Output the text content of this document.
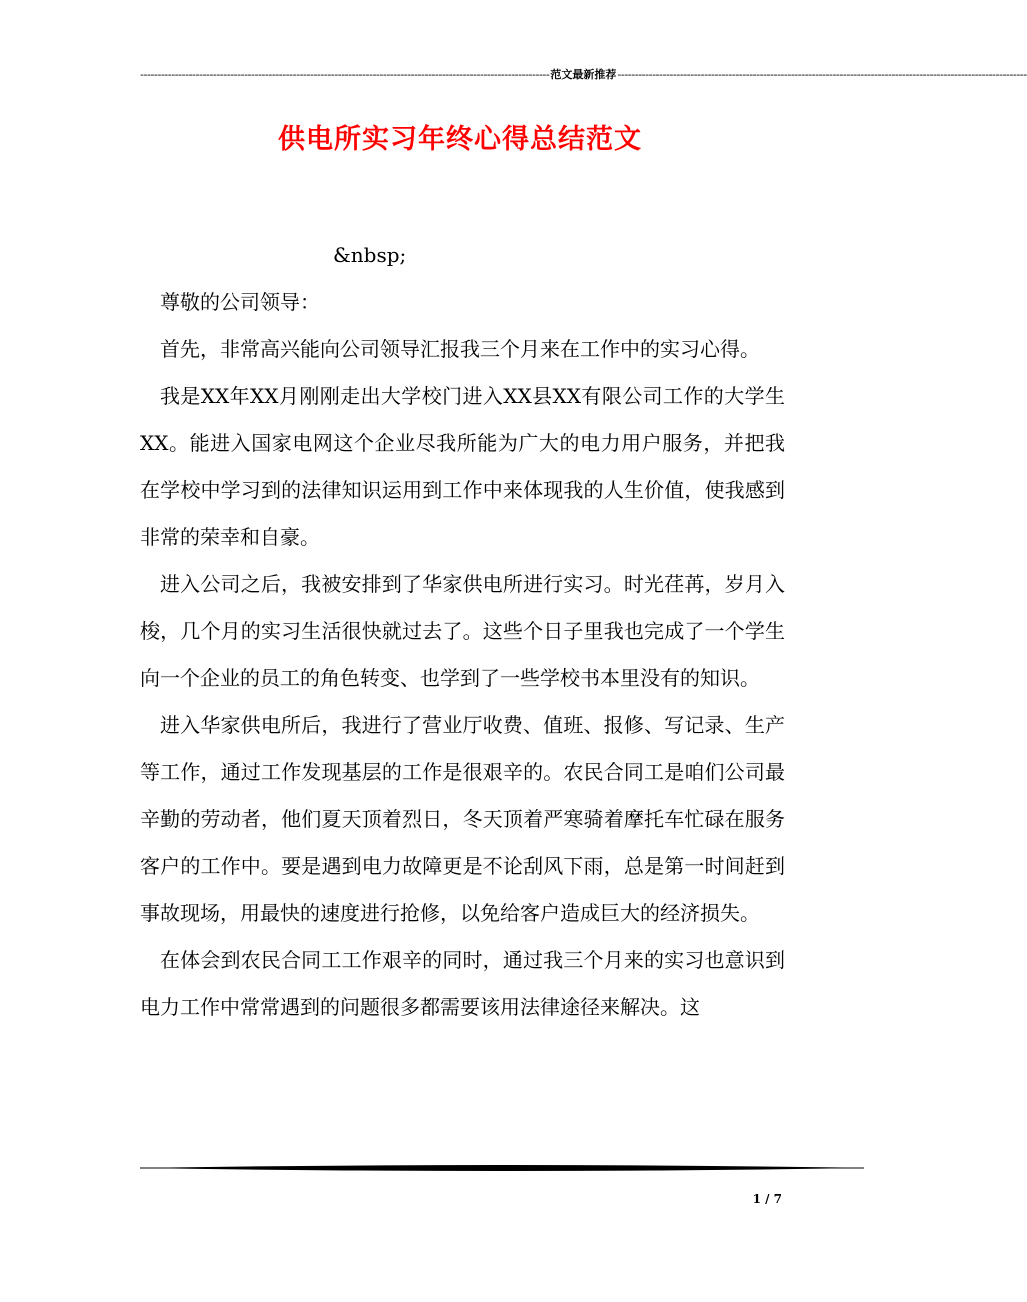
---------------------------------------------------------------------------------------------------------------------- 范文最新推荐 ----------------------------------------------------------------------------------------------------------------------
供电所实习年终心得总结范文

&nbsp;

尊敬的公司领导：

首先，非常高兴能向公司领导汇报我三个月来在工作中的实习心得。

我是XX年XX月刚刚走出大学校门进入XX县XX有限公司工作的大学生XX。能进入国家电网这个企业尽我所能为广大的电力用户服务，并把我在学校中学习到的法律知识运用到工作中来体现我的人生价值，使我感到非常的荣幸和自豪。

进入公司之后，我被安排到了华家供电所进行实习。时光荏苒，岁月入梭，几个月的实习生活很快就过去了。这些个日子里我也完成了一个学生向一个企业的员工的角色转变、也学到了一些学校书本里没有的知识。

进入华家供电所后，我进行了营业厅收费、值班、报修、写记录、生产等工作，通过工作发现基层的工作是很艰辛的。农民合同工是咱们公司最辛勤的劳动者，他们夏天顶着烈日，冬天顶着严寒骑着摩托车忙碌在服务客户的工作中。要是遇到电力故障更是不论刮风下雨，总是第一时间赶到事故现场，用最快的速度进行抢修，以免给客户造成巨大的经济损失。

在体会到农民合同工工作艰辛的同时，通过我三个月来的实习也意识到电力工作中常常遇到的问题很多都需要该用法律途径来解决。这

1 / 7
